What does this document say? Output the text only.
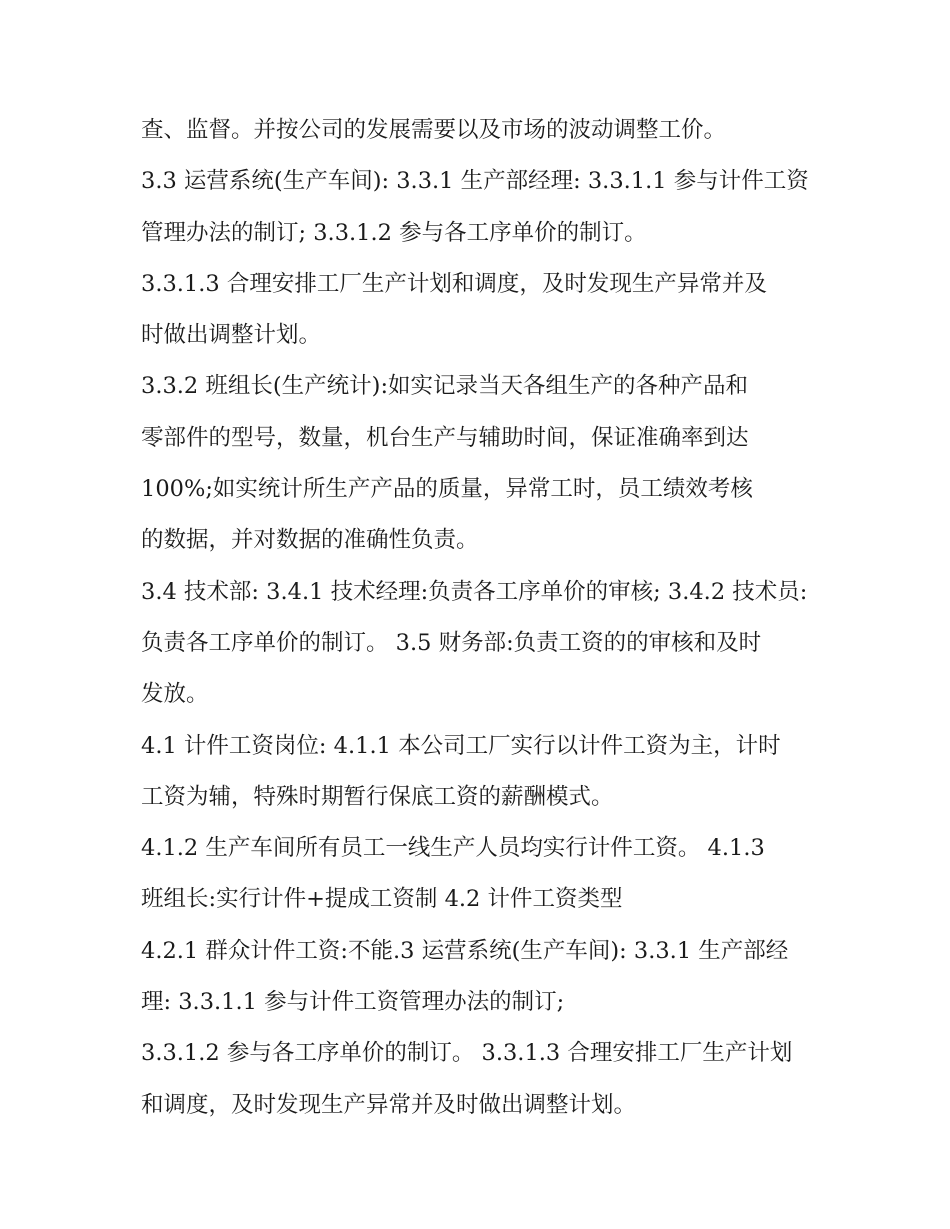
查、监督。并按公司的发展需要以及市场的波动调整工价。
3.3 运营系统(生产车间): 3.3.1 生产部经理: 3.3.1.1 参与计件工资
管理办法的制订; 3.3.1.2 参与各工序单价的制订。
3.3.1.3 合理安排工厂生产计划和调度，及时发现生产异常并及
时做出调整计划。
3.3.2 班组长(生产统计):如实记录当天各组生产的各种产品和
零部件的型号，数量，机台生产与辅助时间，保证准确率到达
100%;如实统计所生产产品的质量，异常工时，员工绩效考核
的数据，并对数据的准确性负责。
3.4 技术部: 3.4.1 技术经理:负责各工序单价的审核; 3.4.2 技术员:
负责各工序单价的制订。 3.5 财务部:负责工资的的审核和及时
发放。
4.1 计件工资岗位: 4.1.1 本公司工厂实行以计件工资为主，计时
工资为辅，特殊时期暂行保底工资的薪酬模式。
4.1.2 生产车间所有员工一线生产人员均实行计件工资。 4.1.3
班组长:实行计件+提成工资制 4.2 计件工资类型
4.2.1 群众计件工资:不能.3 运营系统(生产车间): 3.3.1 生产部经
理: 3.3.1.1 参与计件工资管理办法的制订;
3.3.1.2 参与各工序单价的制订。 3.3.1.3 合理安排工厂生产计划
和调度，及时发现生产异常并及时做出调整计划。
